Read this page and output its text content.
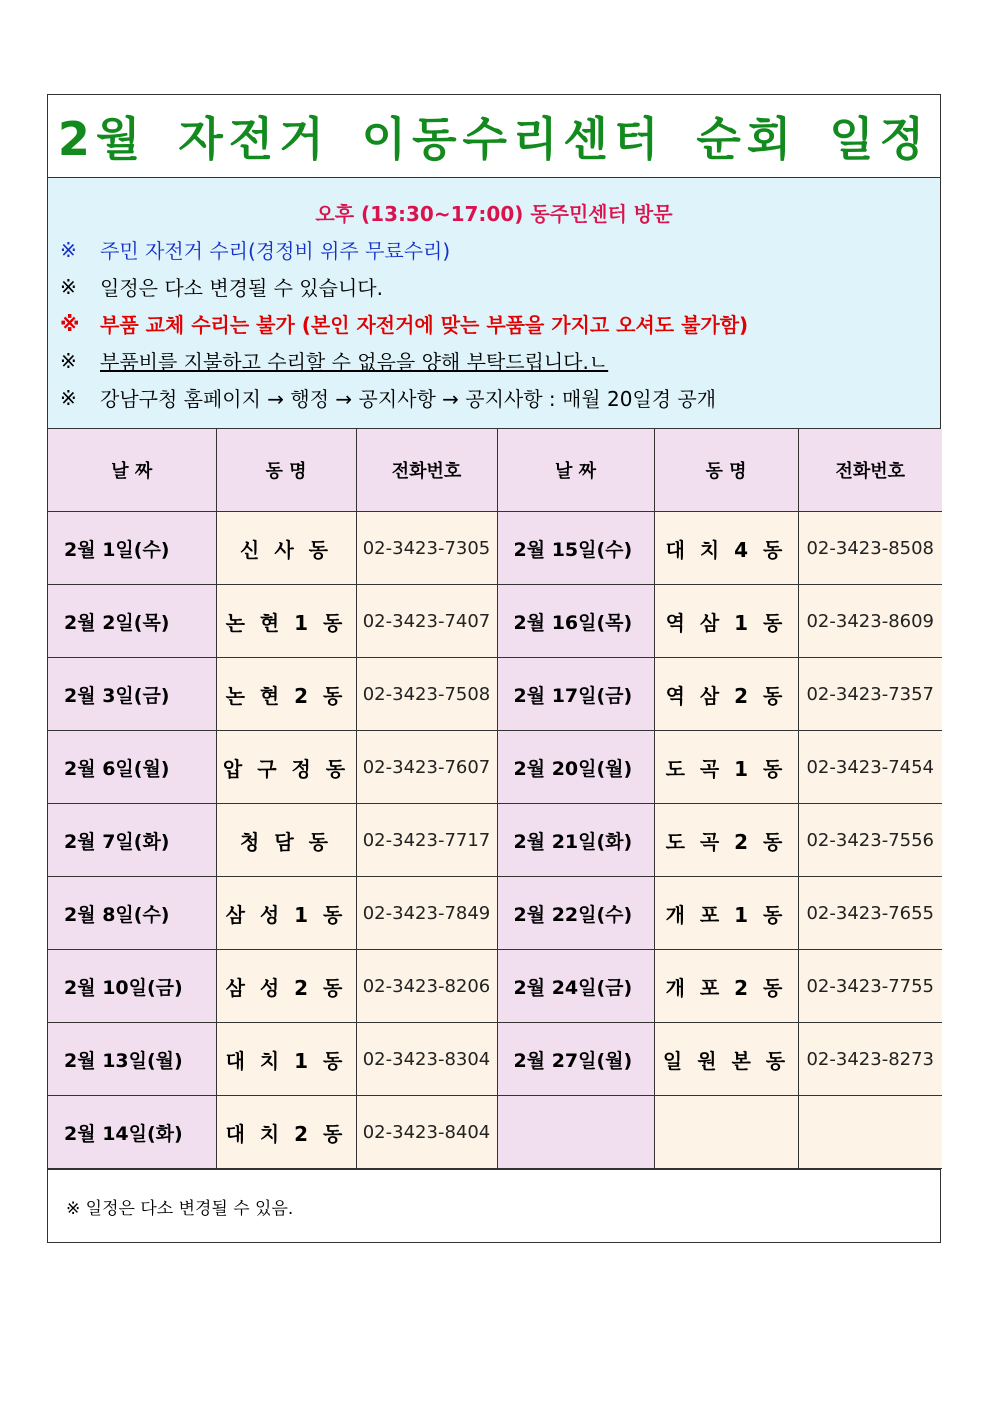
2월 자전거 이동수리센터 순회 일정
오후 (13:30~17:00) 동주민센터 방문
※	주민 자전거 수리(경정비 위주 무료수리)
※	일정은 다소 변경될 수 있습니다.
※	부품 교체 수리는 불가 (본인 자전거에 맞는 부품을 가지고 오셔도 불가함)
※	부품비를 지불하고 수리할 수 없음을 양해 부탁드립니다.ㄴ
※	강남구청 홈페이지 → 행정 → 공지사항 → 공지사항 : 매월 20일경 공개
날 짜	동 명	전화번호	날 짜	동 명	전화번호
2월 1일(수)	신 사 동	02-3423-7305	2월 15일(수)	대 치 4 동	02-3423-8508
2월 2일(목)	논 현 1 동	02-3423-7407	2월 16일(목)	역 삼 1 동	02-3423-8609
2월 3일(금)	논 현 2 동	02-3423-7508	2월 17일(금)	역 삼 2 동	02-3423-7357
2월 6일(월)	압 구 정 동	02-3423-7607	2월 20일(월)	도 곡 1 동	02-3423-7454
2월 7일(화)	청 담 동	02-3423-7717	2월 21일(화)	도 곡 2 동	02-3423-7556
2월 8일(수)	삼 성 1 동	02-3423-7849	2월 22일(수)	개 포 1 동	02-3423-7655
2월 10일(금)	삼 성 2 동	02-3423-8206	2월 24일(금)	개 포 2 동	02-3423-7755
2월 13일(월)	대 치 1 동	02-3423-8304	2월 27일(월)	일 원 본 동	02-3423-8273
2월 14일(화)	대 치 2 동	02-3423-8404			
※ 일정은 다소 변경될 수 있음.
